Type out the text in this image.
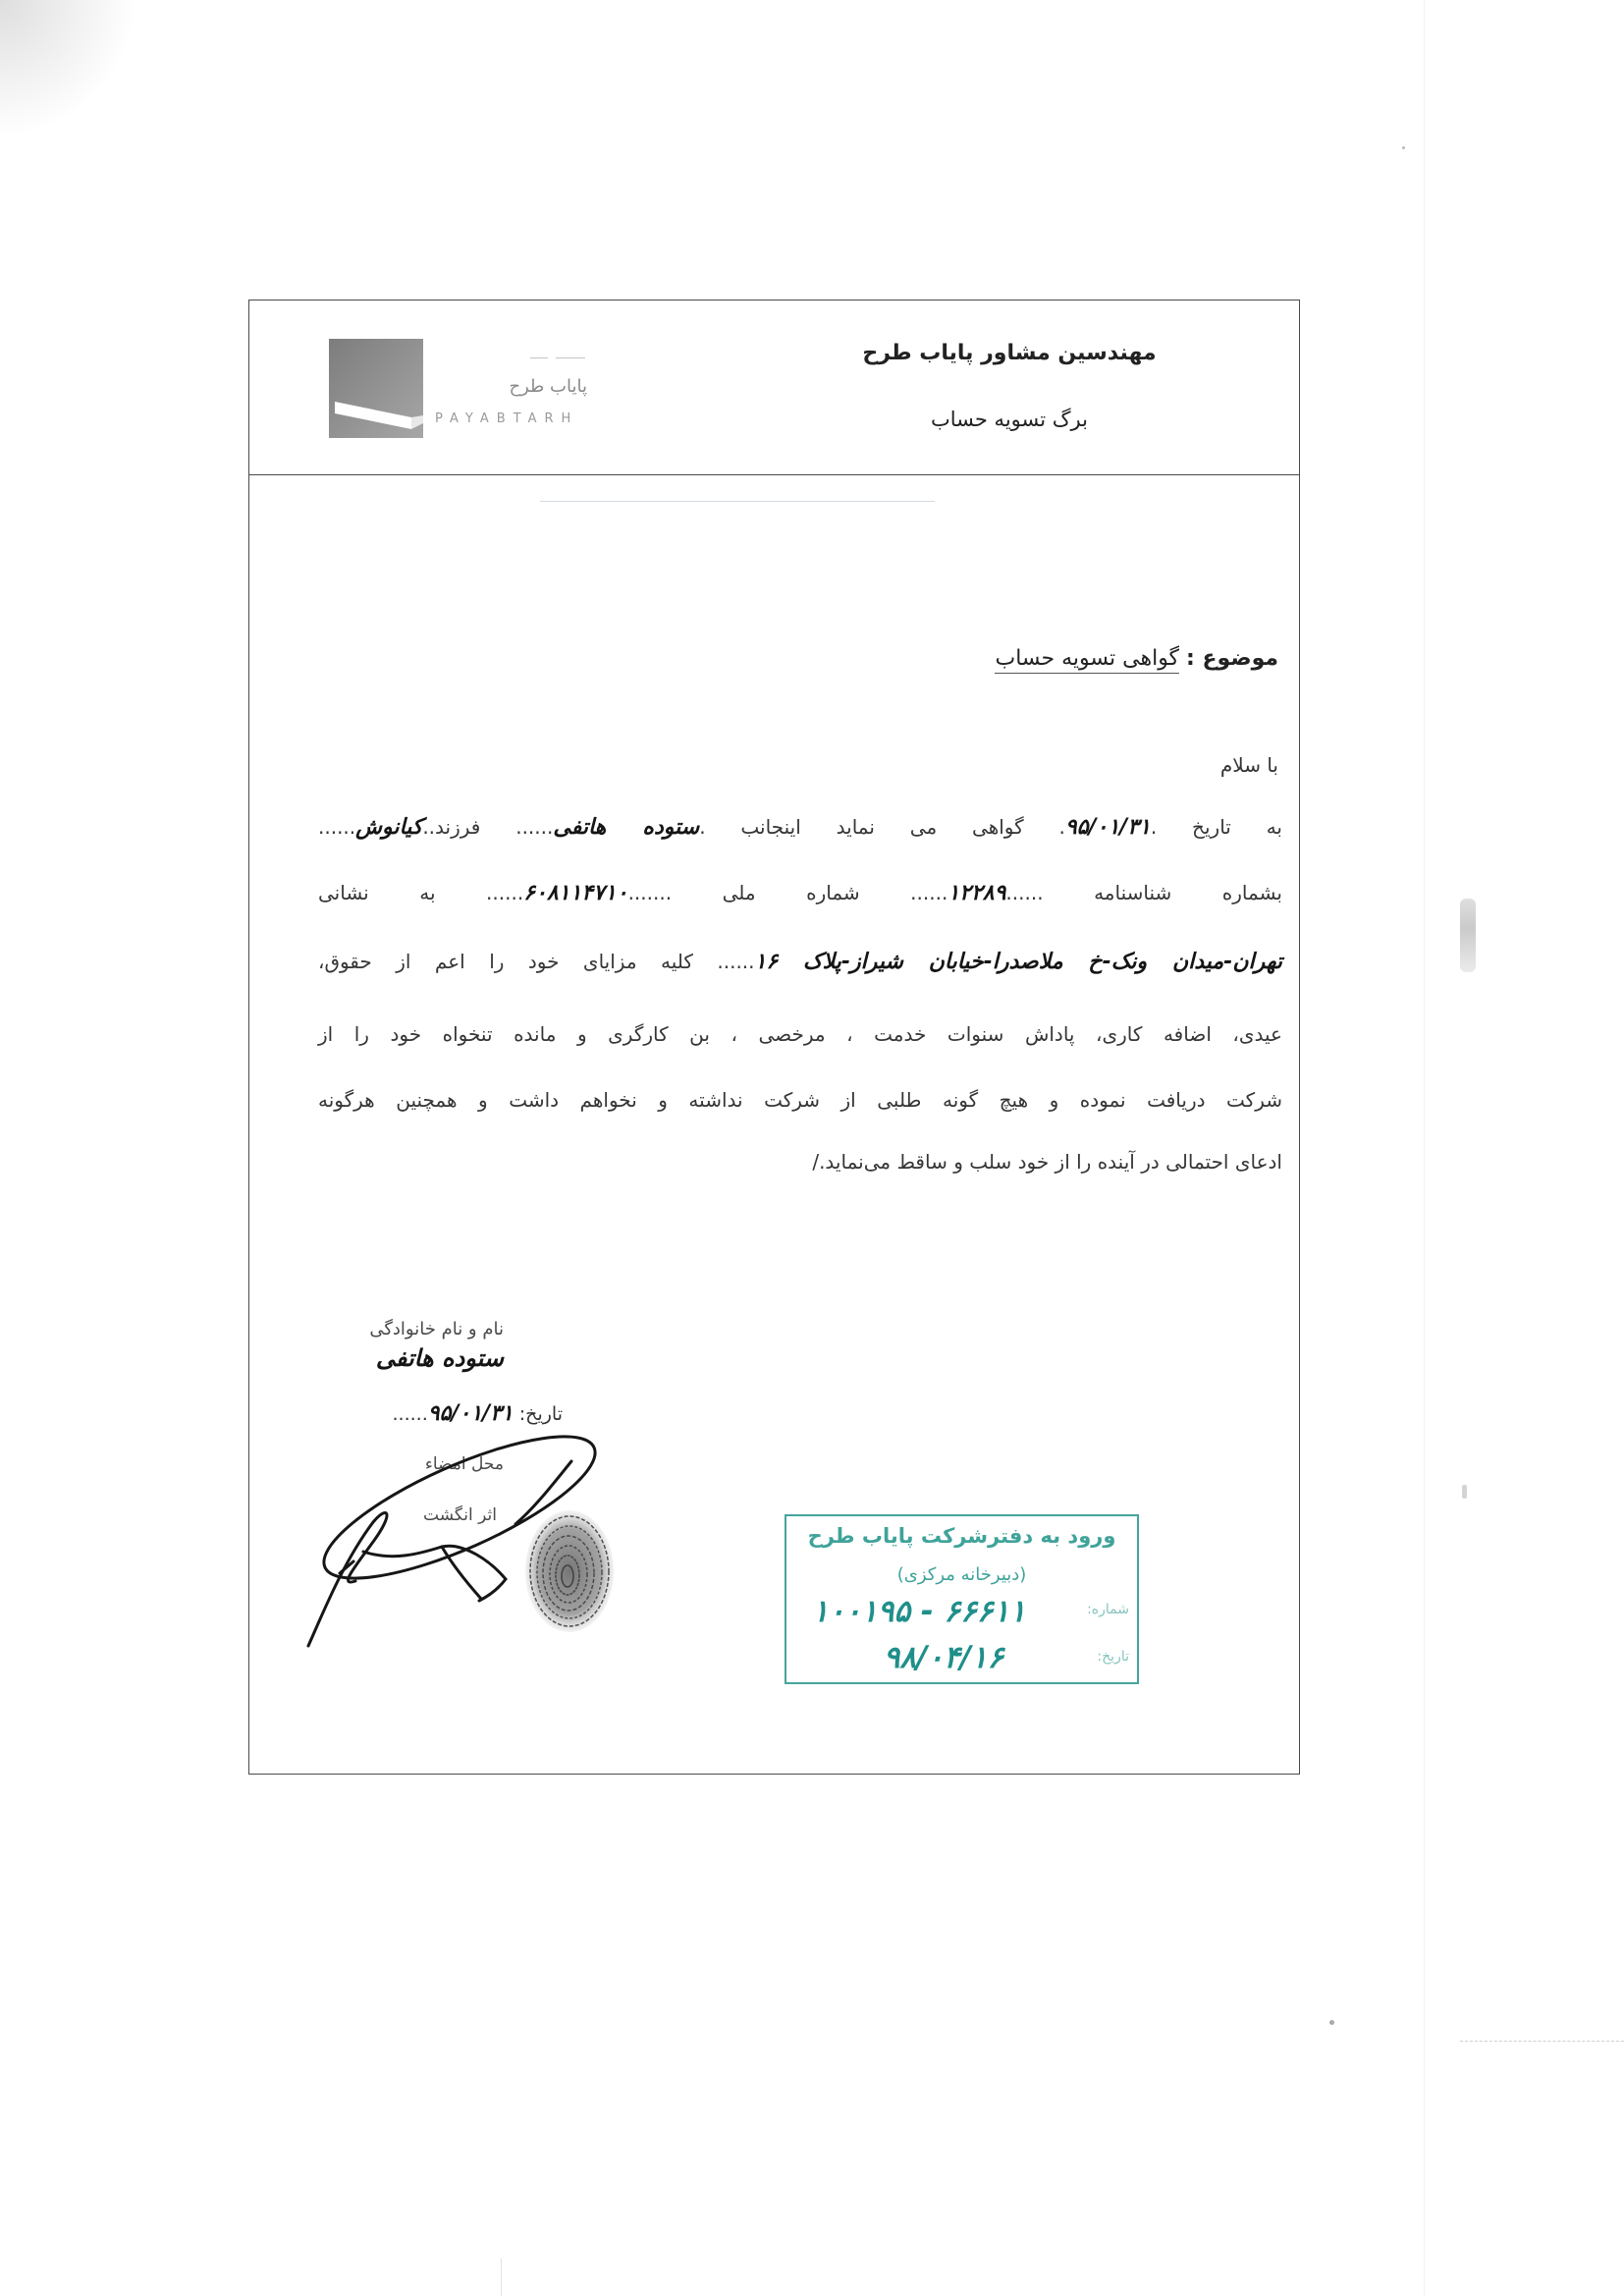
مهندسین مشاور پایاب طرح
برگ تسویه حساب
پایاب طرح
PAYABTARH
موضوع : گواهی تسویه حساب
با سلام
به تاریخ .۹۵/۰۱/۳۱. گواهی می نماید اینجانب .ستوده هاتفی...... فرزند..کیانوش......
بشماره شناسنامه ......۱۲۲۸۹...... شماره ملی .......۶۰۸۱۱۴۷۱۰...... به نشانی
تهران-میدان ونک-خ ملاصدرا-خیابان شیراز-پلاک ۱۶...... کلیه مزایای خود را اعم از حقوق،
عیدی، اضافه کاری، پاداش سنوات خدمت ، مرخصی ، بن کارگری و مانده تنخواه خود را از
شرکت دریافت نموده و هیچ گونه طلبی از شرکت نداشته و نخواهم داشت و همچنین هرگونه
ادعای احتمالی در آینده را از خود سلب و ساقط می‌نماید./
نام و نام خانوادگی
ستوده هاتفی
تاریخ: ۹۵/۰۱/۳۱......
محل امضاء
اثر انگشت
ورود به دفترشرکت پایاب طرح
(دبیرخانه مرکزی)
شماره:
۱۰۰۱۹۵ - ۶۶۶۱۱
تاریخ:
۹۸/۰۴/۱۶
